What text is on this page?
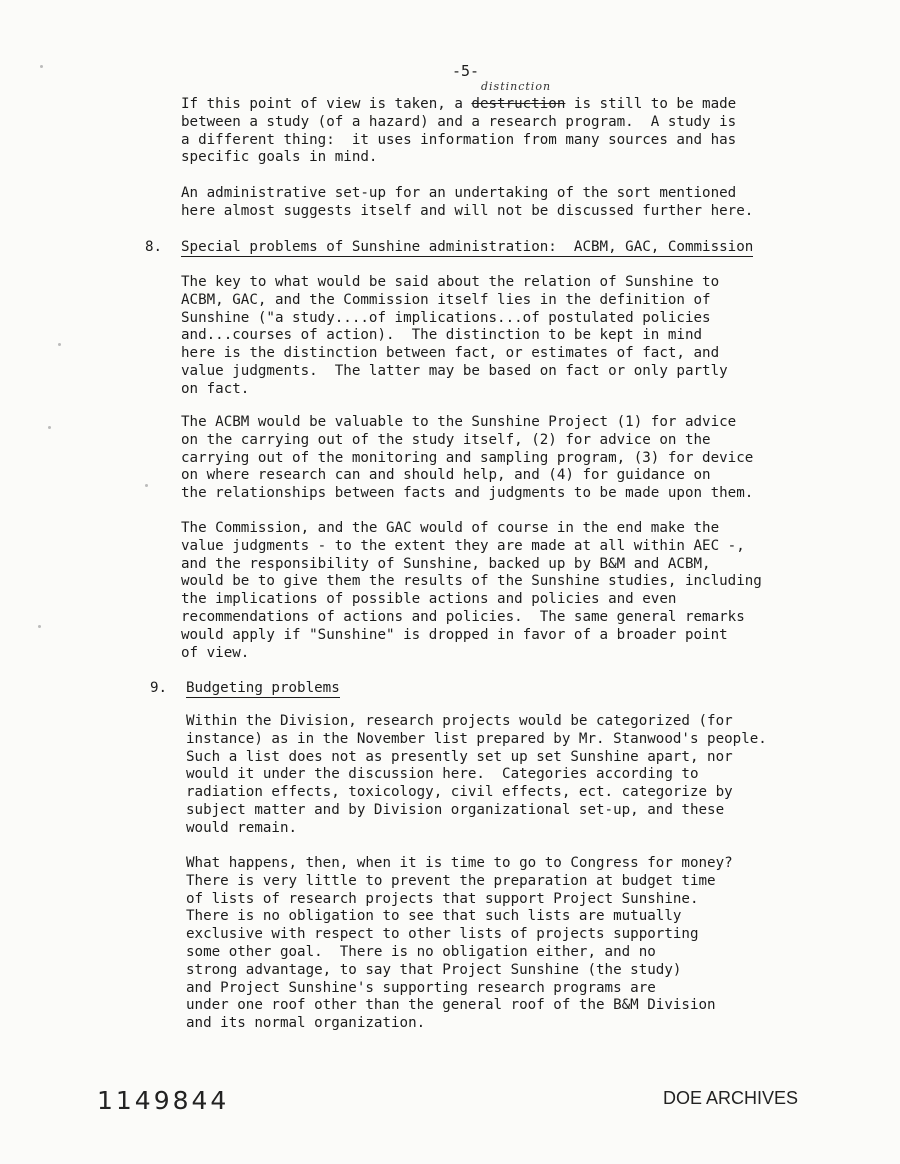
-5-
distinction
If this point of view is taken, a destruction is still to be made
between a study (of a hazard) and a research program.  A study is
a different thing:  it uses information from many sources and has
specific goals in mind.
An administrative set-up for an undertaking of the sort mentioned
here almost suggests itself and will not be discussed further here.
8. Special problems of Sunshine administration:  ACBM, GAC, Commission
The key to what would be said about the relation of Sunshine to
ACBM, GAC, and the Commission itself lies in the definition of
Sunshine ("a study....of implications...of postulated policies
and...courses of action).  The distinction to be kept in mind
here is the distinction between fact, or estimates of fact, and
value judgments.  The latter may be based on fact or only partly
on fact.
The ACBM would be valuable to the Sunshine Project (1) for advice
on the carrying out of the study itself, (2) for advice on the
carrying out of the monitoring and sampling program, (3) for device
on where research can and should help, and (4) for guidance on
the relationships between facts and judgments to be made upon them.
The Commission, and the GAC would of course in the end make the
value judgments - to the extent they are made at all within AEC -,
and the responsibility of Sunshine, backed up by B&M and ACBM,
would be to give them the results of the Sunshine studies, including
the implications of possible actions and policies and even
recommendations of actions and policies.  The same general remarks
would apply if "Sunshine" is dropped in favor of a broader point
of view.
9. Budgeting problems
Within the Division, research projects would be categorized (for
instance) as in the November list prepared by Mr. Stanwood's people.
Such a list does not as presently set up set Sunshine apart, nor
would it under the discussion here.  Categories according to
radiation effects, toxicology, civil effects, ect. categorize by
subject matter and by Division organizational set-up, and these
would remain.
What happens, then, when it is time to go to Congress for money?
There is very little to prevent the preparation at budget time
of lists of research projects that support Project Sunshine.
There is no obligation to see that such lists are mutually
exclusive with respect to other lists of projects supporting
some other goal.  There is no obligation either, and no
strong advantage, to say that Project Sunshine (the study)
and Project Sunshine's supporting research programs are
under one roof other than the general roof of the B&M Division
and its normal organization.
1149844	DOE ARCHIVES
